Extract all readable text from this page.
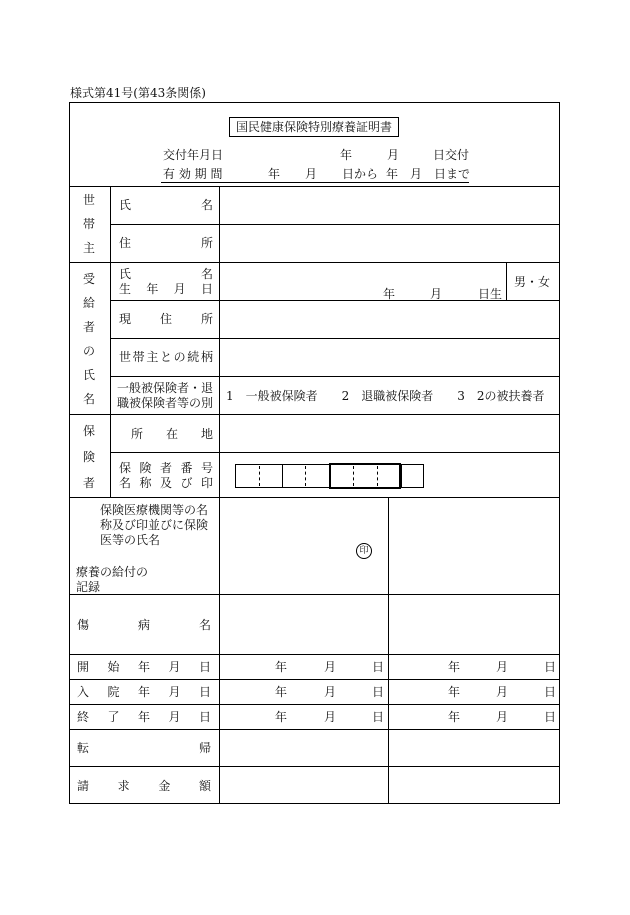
様式第41号(第43条関係)
国民健康保険特別療養証明書
交付年月日	年	月	日交付
有 効 期 間	年 月 日から 年 月 日まで
世
帯
主
氏	名
住	所
受
給
者
の
氏
名
氏	名
生 年 月 日	年	月	日生
男・女
現 住 所
世 帯 主 と の 続 柄
一般被保険者・退
職被保険者等の別 1　一般被保険者　　2　退職被保険者　　3　2の被扶養者
保
険
者
所 在 地
保 険 者 番 号
名 称 及 び 印
保険医療機関等の名
称及び印並びに保険
医等の氏名
印
療養の給付の
記録
傷	病	名
開 始 年 月 日	年	月	日	年	月	日
入 院 年 月 日	年	月	日	年	月	日
終 了 年 月 日	年	月	日	年	月	日
転	帰
請 求 金 額
